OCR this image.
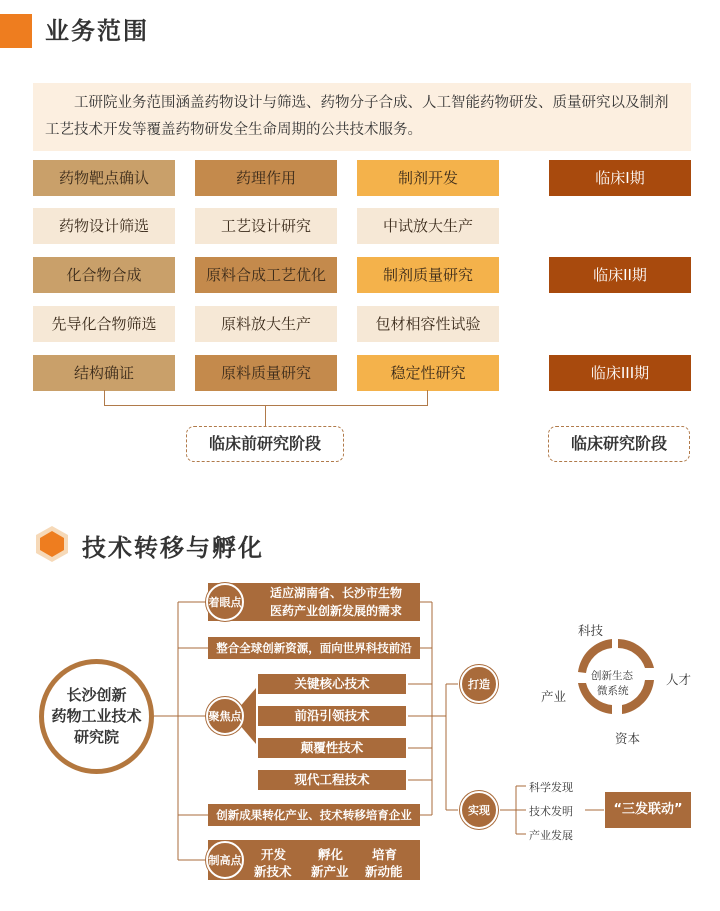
业务范围
工研院业务范围涵盖药物设计与筛选、药物分子合成、人工智能药物研发、质量研究以及制剂工艺技术开发等覆盖药物研发全生命周期的公共技术服务。
药物靶点确认
药物设计筛选
化合物合成
先导化合物筛选
结构确证
药理作用
工艺设计研究
原料合成工艺优化
原料放大生产
原料质量研究
制剂开发
中试放大生产
制剂质量研究
包材相容性试验
稳定性研究
临床I期
临床II期
临床III期
临床前研究阶段	临床研究阶段
技术转移与孵化
长沙创新
药物工业技术
研究院
适应湖南省、长沙市生物
医药产业创新发展的需求
着眼点
整合全球创新资源，面向世界科技前沿
聚焦点
关键核心技术
前沿引领技术
颠覆性技术
现代工程技术
创新成果转化产业、技术转移培育企业
制高点 开发
新技术
孵化
新产业
培育
新动能
打造
科技
人才
资本
产业
创新生态
微系统
实现
科学发现
技术发明
产业发展
“三发联动”
